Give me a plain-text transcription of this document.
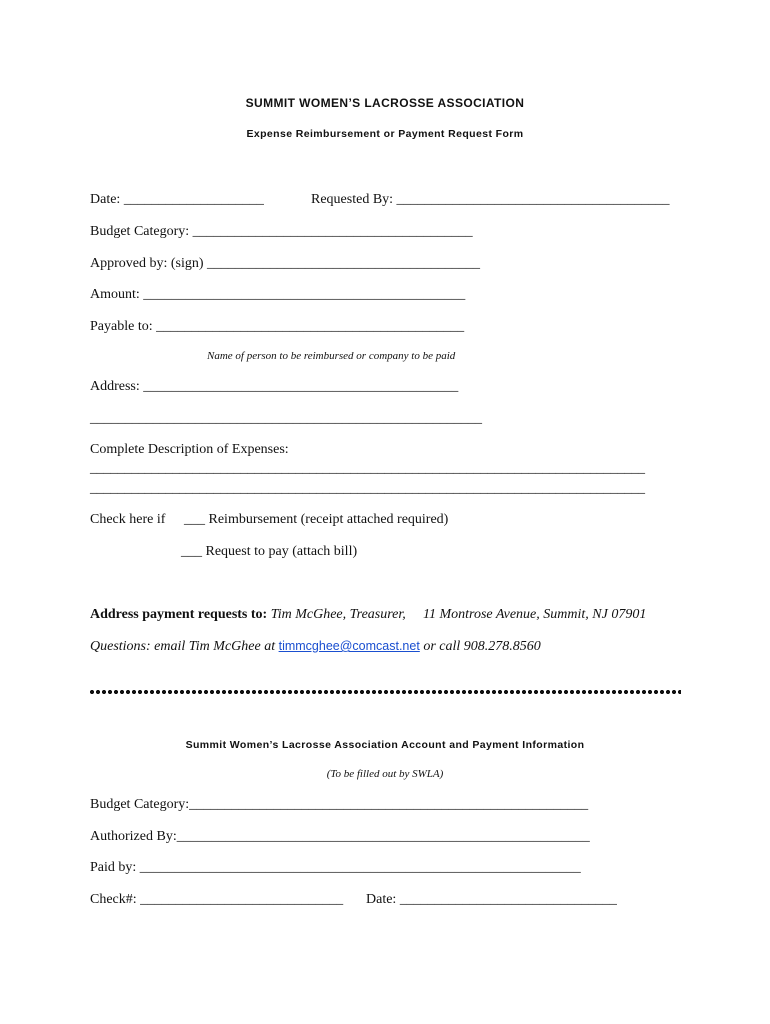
SUMMIT WOMEN’S LACROSSE ASSOCIATION
Expense Reimbursement or Payment Request Form
Date: ____________________	Requested By: _______________________________________
Budget Category: ________________________________________
Approved by: (sign) _______________________________________
Amount: ______________________________________________
Payable to: ____________________________________________
Name of person to be reimbursed or company to be paid
Address: _____________________________________________
________________________________________________________
Complete Description of Expenses:
_________________________________________________________________________________
_________________________________________________________________________________
Check here if ___ Reimbursement (receipt attached required)
___ Request to pay (attach bill)
Address payment requests to: Tim McGhee, Treasurer, 11 Montrose Avenue, Summit, NJ 07901
Questions: email Tim McGhee at timmcghee@comcast.net or call 908.278.8560
Summit Women’s Lacrosse Association Account and Payment Information
(To be filled out by SWLA)
Budget Category:_________________________________________________________
Authorized By:___________________________________________________________
Paid by: _______________________________________________________________
Check#: _____________________________ Date: _______________________________
